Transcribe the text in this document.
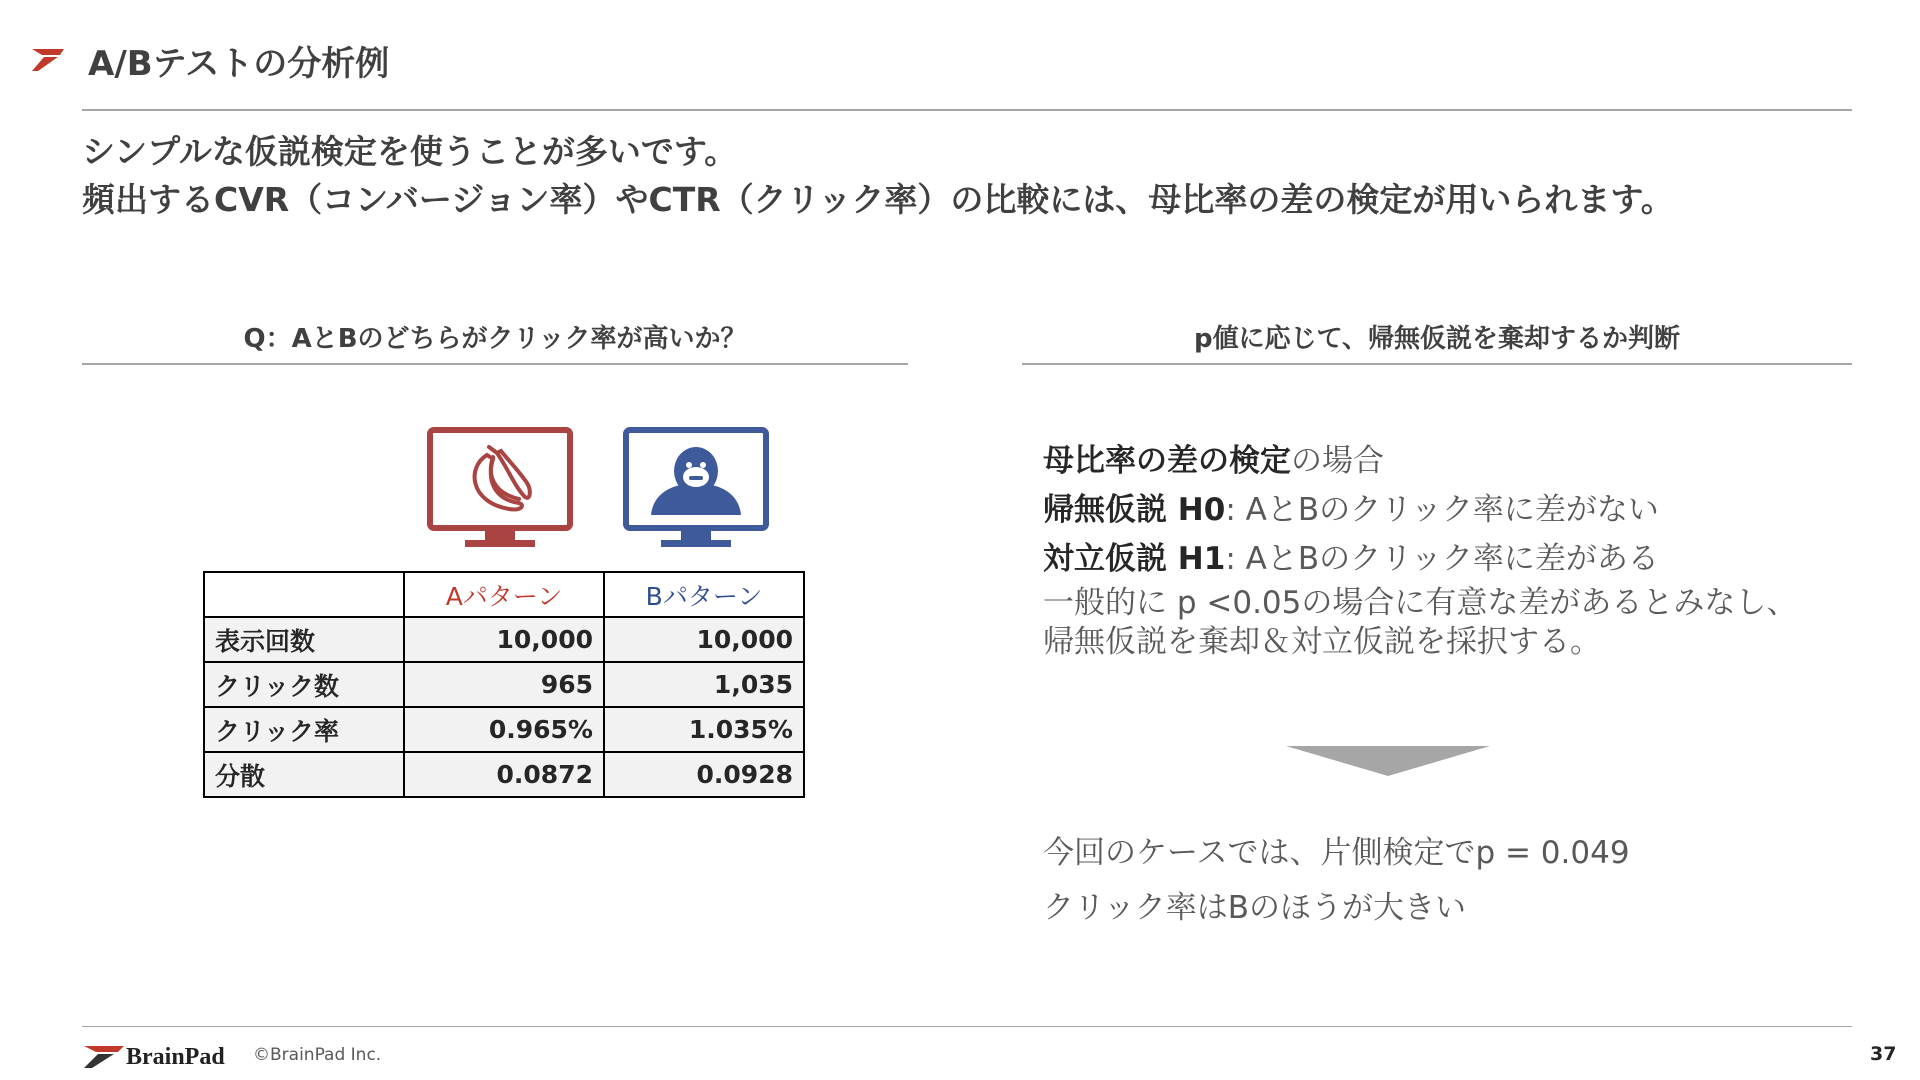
A/Bテストの分析例
シンプルな仮説検定を使うことが多いです。
頻出するCVR（コンバージョン率）やCTR（クリック率）の比較には、母比率の差の検定が用いられます。
Q：AとBのどちらがクリック率が高いか？
	Aパターン	Bパターン
表示回数	10,000	10,000
クリック数	965	1,035
クリック率	0.965%	1.035%
分散	0.0872	0.0928
p値に応じて、帰無仮説を棄却するか判断
母比率の差の検定の場合
帰無仮説 H0: AとBのクリック率に差がない
対立仮説 H1: AとBのクリック率に差がある
一般的に p <0.05の場合に有意な差があるとみなし、
帰無仮説を棄却＆対立仮説を採択する。
今回のケースでは、片側検定でp = 0.049
クリック率はBのほうが大きい
BrainPad ©BrainPad Inc.	37
